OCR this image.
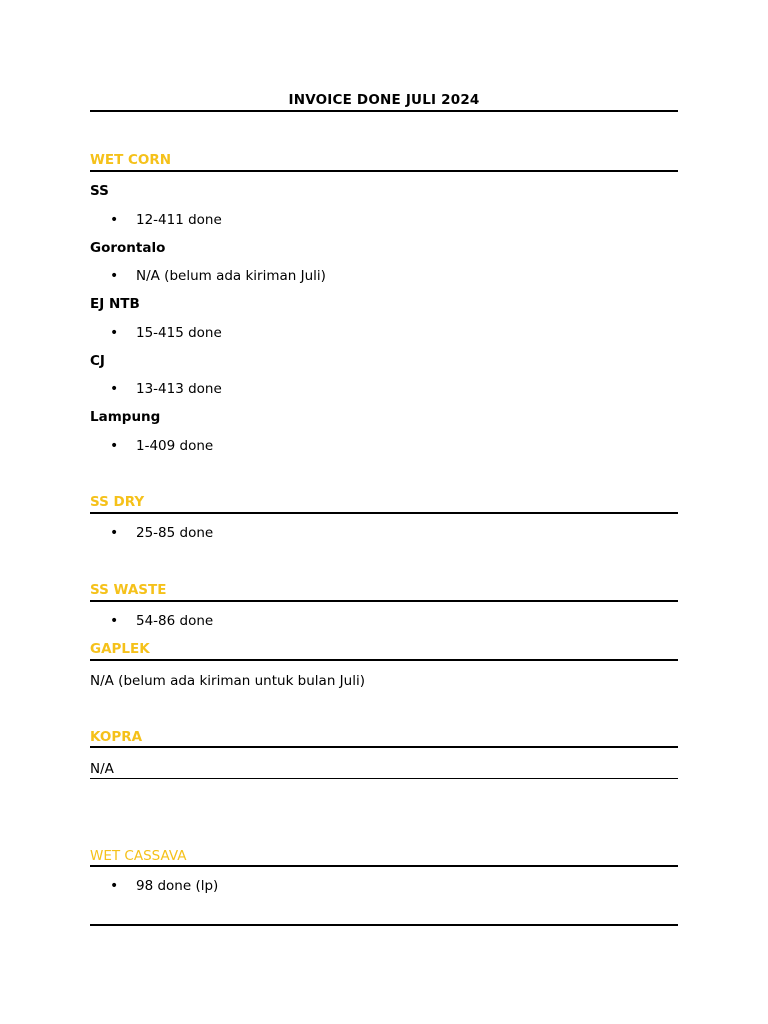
INVOICE DONE JULI 2024
WET CORN
SS
•	12-411 done
Gorontalo
•	N/A (belum ada kiriman Juli)
EJ NTB
•	15-415 done
CJ
•	13-413 done
Lampung
•	1-409 done
SS DRY
•	25-85 done
SS WASTE
•	54-86 done
GAPLEK
N/A (belum ada kiriman untuk bulan Juli)
KOPRA
N/A
WET CASSAVA
•	98 done (lp)
